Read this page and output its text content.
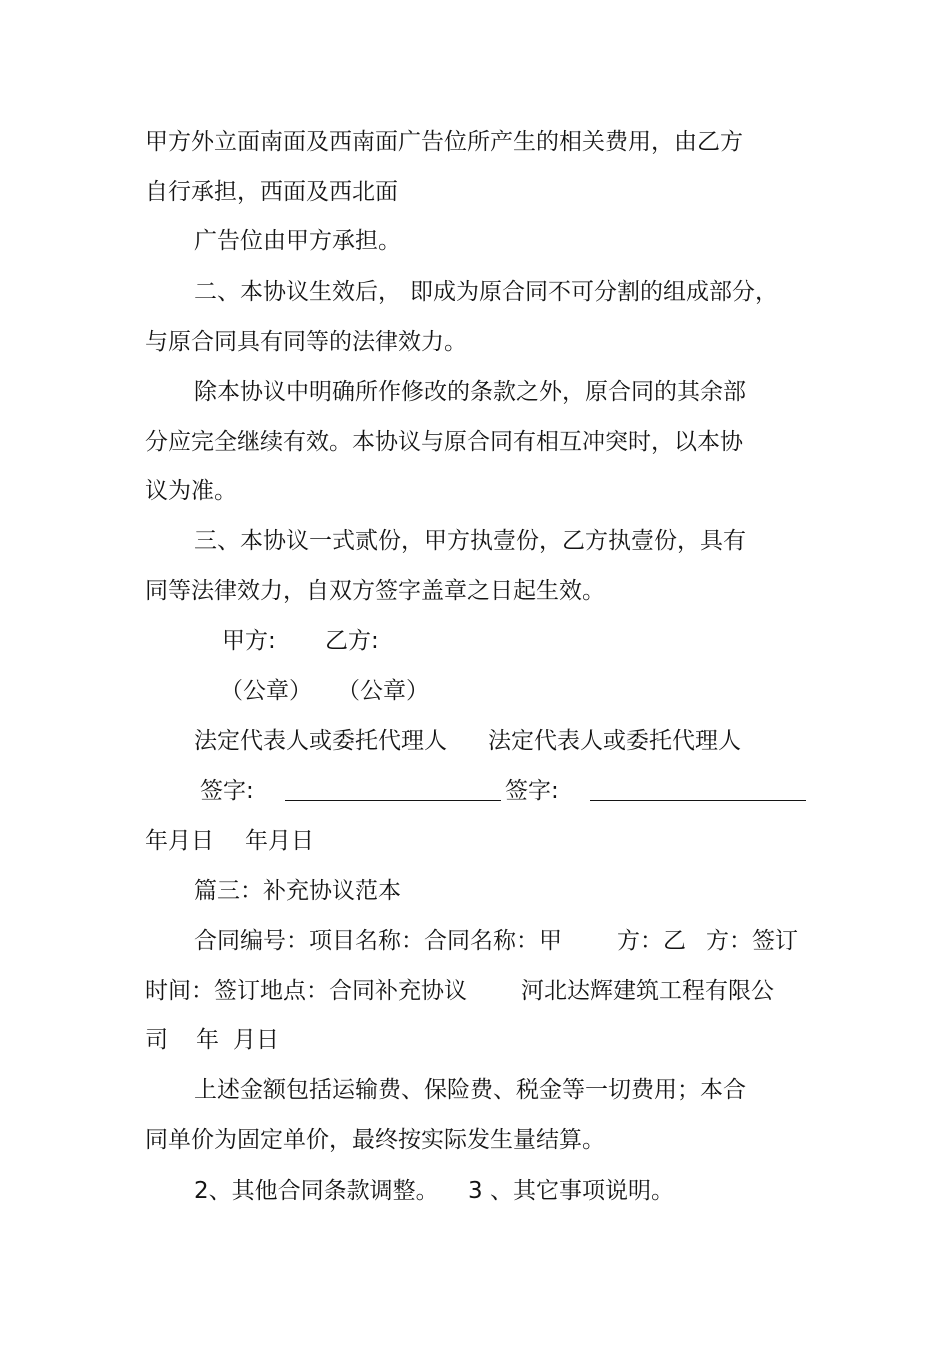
甲方外立面南面及西南面广告位所产生的相关费用，由乙方

自行承担，西面及西北面

广告位由甲方承担。

二、本协议生效后， 即成为原合同不可分割的组成部分，

与原合同具有同等的法律效力。

除本协议中明确所作修改的条款之外，原合同的其余部

分应完全继续有效。本协议与原合同有相互冲突时，以本协

议为准。

三、本协议一式贰份，甲方执壹份，乙方执壹份，具有

同等法律效力，自双方签字盖章之日起生效。

甲方: 乙方:

（公章） （公章）

法定代表人或委托代理人 法定代表人或委托代理人

签字:	签字:

年月日 年月日

篇三：补充协议范本

合同编号：项目名称：合同名称：甲 方：乙 方：签订

时间：签订地点：合同补充协议 河北达辉建筑工程有限公

司 年 月日

上述金额包括运输费、保险费、税金等一切费用；本合

同单价为固定单价，最终按实际发生量结算。

2、其他合同条款调整。 3 、其它事项说明。
